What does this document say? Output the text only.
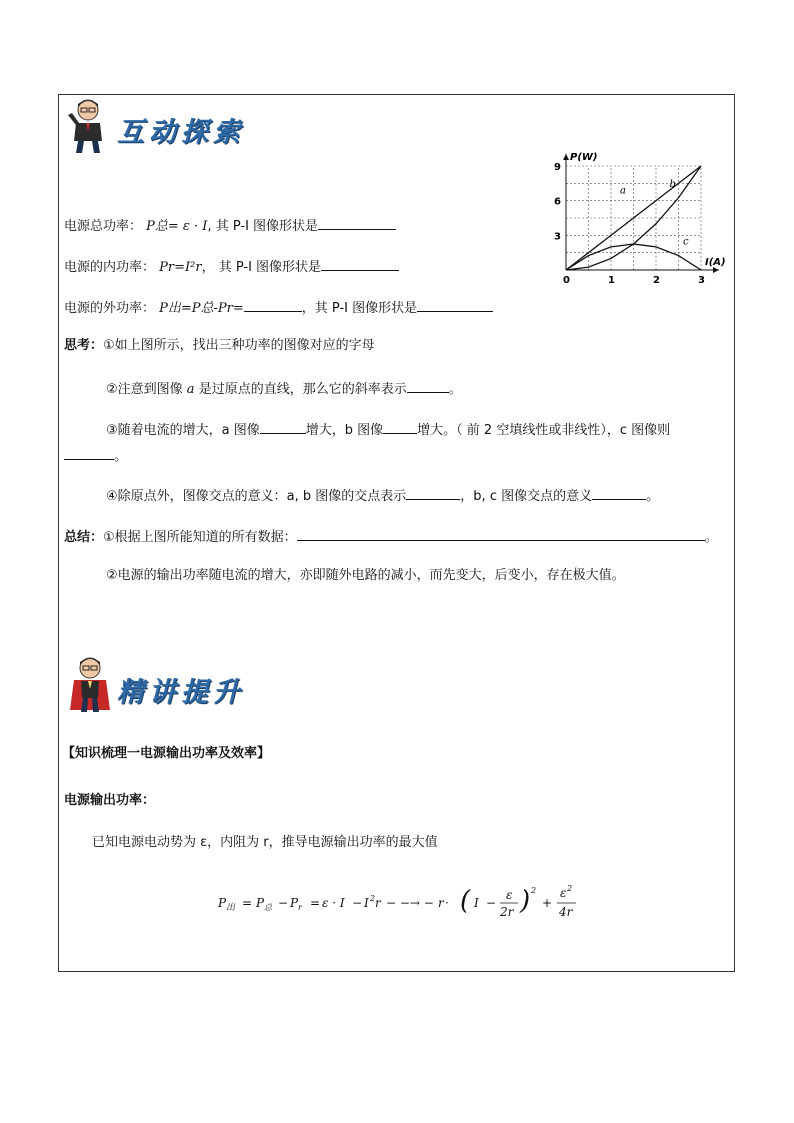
互动探索
0	1	2	3
3
6
9
P(W)
I(A)
a
b
c
电源总功率： P总= ε · I, 其 P-I 图像形状是
电源的内功率： Pr=I²r， 其 P-I 图像形状是
电源的外功率： P出=P总-Pr=	，其 P-I 图像形状是
思考：①如上图所示，找出三种功率的图像对应的字母
②注意到图像 a 是过原点的直线，那么它的斜率表示	。
③随着电流的增大，a 图像	增大，b 图像	增大。（ 前 2 空填线性或非线性），c 图像则
。
④除原点外，图像交点的意义：a, b 图像的交点表示	，b, c 图像交点的意义	。
总结：①根据上图所能知道的所有数据：	。
②电源的输出功率随电流的增大，亦即随外电路的减小，而先变大，后变小，存在极大值。
精讲提升
【知识梳理一电源输出功率及效率】
电源输出功率：
已知电源电动势为 ε，内阻为 r，推导电源输出功率的最大值
P 出 = P 总 − P r = ε · I − I 2 r − −→ − r · ( I −
ε
2r ) 2
+
ε 2
4r
